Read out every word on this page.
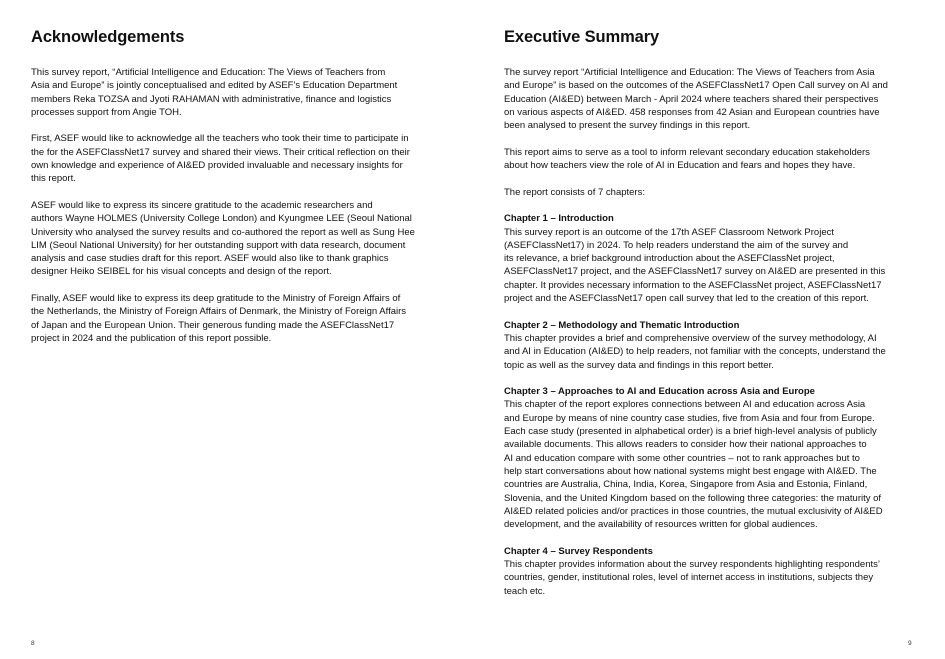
Acknowledgements

This survey report, “Artificial Intelligence and Education: The Views of Teachers from
Asia and Europe” is jointly conceptualised and edited by ASEF’s Education Department
members Reka TOZSA and Jyoti RAHAMAN with administrative, finance and logistics
processes support from Angie TOH.

First, ASEF would like to acknowledge all the teachers who took their time to participate in
the for the ASEFClassNet17 survey and shared their views. Their critical reflection on their
own knowledge and experience of AI&ED provided invaluable and necessary insights for
this report.

ASEF would like to express its sincere gratitude to the academic researchers and
authors Wayne HOLMES (University College London) and Kyungmee LEE (Seoul National
University who analysed the survey results and co-authored the report as well as Sung Hee
LIM (Seoul National University) for her outstanding support with data research, document
analysis and case studies draft for this report. ASEF would also like to thank graphics
designer Heiko SEIBEL for his visual concepts and design of the report.

Finally, ASEF would like to express its deep gratitude to the Ministry of Foreign Affairs of
the Netherlands, the Ministry of Foreign Affairs of Denmark, the Ministry of Foreign Affairs
of Japan and the European Union. Their generous funding made the ASEFClassNet17
project in 2024 and the publication of this report possible.

Executive Summary

The survey report “Artificial Intelligence and Education: The Views of Teachers from Asia
and Europe” is based on the outcomes of the ASEFClassNet17 Open Call survey on AI and
Education (AI&ED) between March - April 2024 where teachers shared their perspectives
on various aspects of AI&ED. 458 responses from 42 Asian and European countries have
been analysed to present the survey findings in this report.

This report aims to serve as a tool to inform relevant secondary education stakeholders
about how teachers view the role of AI in Education and fears and hopes they have.

The report consists of 7 chapters:

Chapter 1 – Introduction

This survey report is an outcome of the 17th ASEF Classroom Network Project
(ASEFClassNet17) in 2024. To help readers understand the aim of the survey and
its relevance, a brief background introduction about the ASEFClassNet project,
ASEFClassNet17 project, and the ASEFClassNet17 survey on AI&ED are presented in this
chapter. It provides necessary information to the ASEFClassNet project, ASEFClassNet17
project and the ASEFClassNet17 open call survey that led to the creation of this report.

Chapter 2 – Methodology and Thematic Introduction

This chapter provides a brief and comprehensive overview of the survey methodology, AI
and AI in Education (AI&ED) to help readers, not familiar with the concepts, understand the
topic as well as the survey data and findings in this report better.

Chapter 3 – Approaches to AI and Education across Asia and Europe

This chapter of the report explores connections between AI and education across Asia
and Europe by means of nine country case studies, five from Asia and four from Europe.
Each case study (presented in alphabetical order) is a brief high-level analysis of publicly
available documents. This allows readers to consider how their national approaches to
AI and education compare with some other countries – not to rank approaches but to
help start conversations about how national systems might best engage with AI&ED. The
countries are Australia, China, India, Korea, Singapore from Asia and Estonia, Finland,
Slovenia, and the United Kingdom based on the following three categories: the maturity of
AI&ED related policies and/or practices in those countries, the mutual exclusivity of AI&ED
development, and the availability of resources written for global audiences.

Chapter 4 – Survey Respondents

This chapter provides information about the survey respondents highlighting respondents’
countries, gender, institutional roles, level of internet access in institutions, subjects they
teach etc.

8	9
